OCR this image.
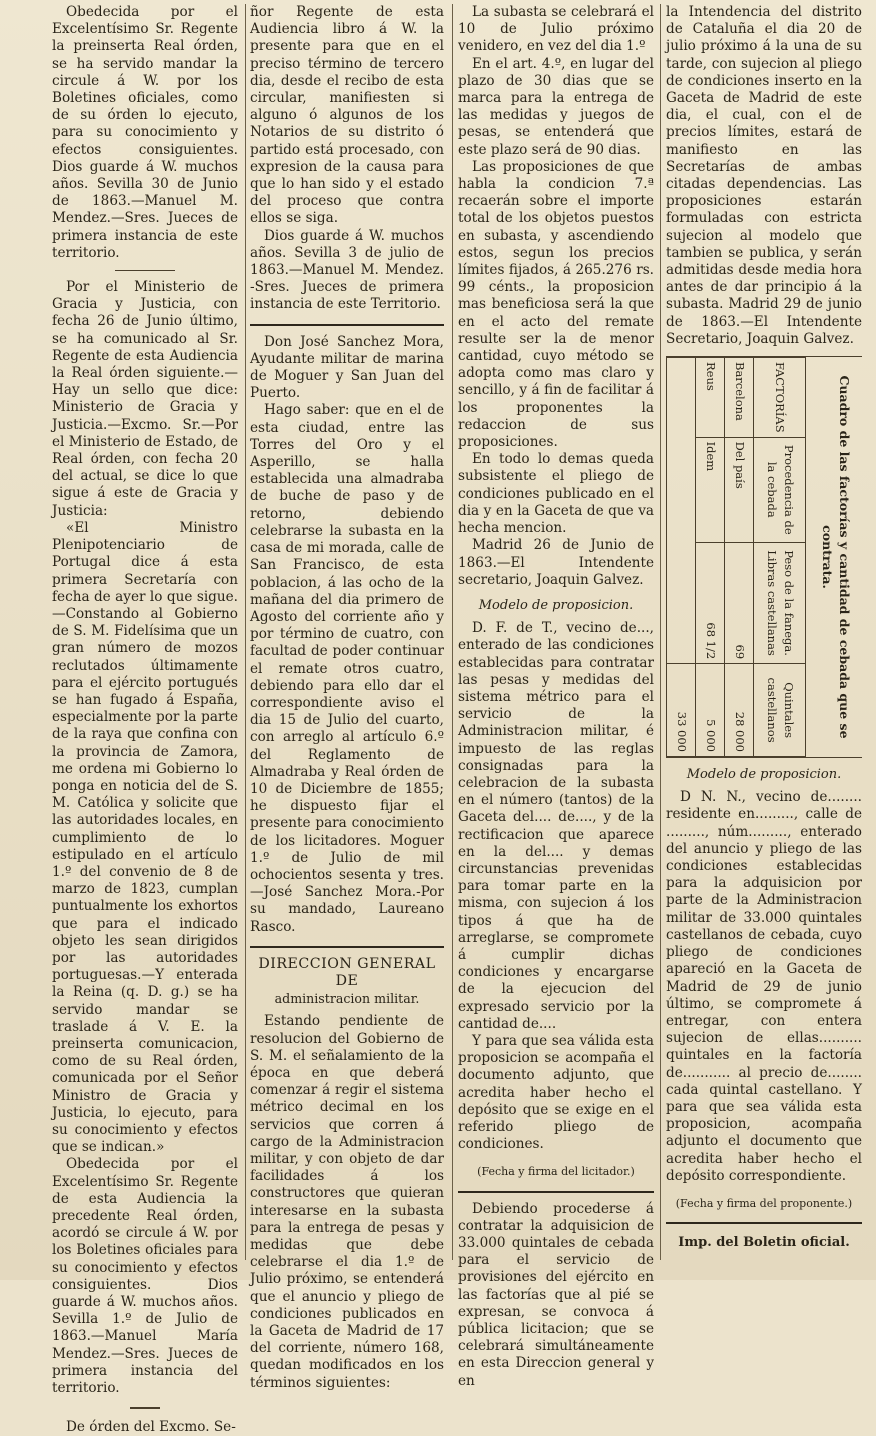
Obedecida por el Excelentísimo Sr. Regente la preinserta Real órden, se ha servido mandar la circule á W. por los Boletines oficiales, como de su órden lo ejecuto, para su conocimiento y efectos consiguientes. Dios guarde á W. muchos años. Sevilla 30 de Junio de 1863.—Manuel M. Mendez.—Sres. Jueces de primera instancia de este territorio.

Por el Ministerio de Gracia y Justicia, con fecha 26 de Junio último, se ha comunicado al Sr. Regente de esta Audiencia la Real órden siguiente.—Hay un sello que dice: Ministerio de Gracia y Justicia.—Excmo. Sr.—Por el Ministerio de Estado, de Real órden, con fecha 20 del actual, se dice lo que sigue á este de Gracia y Justicia:

«El Ministro Plenipotenciario de Portugal dice á esta primera Secretaría con fecha de ayer lo que sigue.—Constando al Gobierno de S. M. Fidelísima que un gran número de mozos reclutados últimamente para el ejército portugués se han fugado á España, especialmente por la parte de la raya que confina con la provincia de Zamora, me ordena mi Gobierno lo ponga en noticia del de S. M. Católica y solicite que las autoridades locales, en cumplimiento de lo estipulado en el artículo 1.º del convenio de 8 de marzo de 1823, cumplan puntualmente los exhortos que para el indicado objeto les sean dirigidos por las autoridades portuguesas.—Y enterada la Reina (q. D. g.) se ha servido mandar se traslade á V. E. la preinserta comunicacion, como de su Real órden, comunicada por el Señor Ministro de Gracia y Justicia, lo ejecuto, para su conocimiento y efectos que se indican.»

Obedecida por el Excelentísimo Sr. Regente de esta Audiencia la precedente Real órden, acordó se circule á W. por los Boletines oficiales para su conocimiento y efectos consiguientes. Dios guarde á W. muchos años. Sevilla 1.º de Julio de 1863.—Manuel María Mendez.—Sres. Jueces de primera instancia del territorio.

De órden del Excmo. Se-

ñor Regente de esta Audiencia libro á W. la presente para que en el preciso término de tercero dia, desde el recibo de esta circular, manifiesten si alguno ó algunos de los Notarios de su distrito ó partido está procesado, con expresion de la causa para que lo han sido y el estado del proceso que contra ellos se siga.

Dios guarde á W. muchos años. Sevilla 3 de julio de 1863.—Manuel M. Mendez. -Sres. Jueces de primera instancia de este Territorio.

Don José Sanchez Mora, Ayudante militar de marina de Moguer y San Juan del Puerto.

Hago saber: que en el de esta ciudad, entre las Torres del Oro y el Asperillo, se halla establecida una almadraba de buche de paso y de retorno, debiendo celebrarse la subasta en la casa de mi morada, calle de San Francisco, de esta poblacion, á las ocho de la mañana del dia primero de Agosto del corriente año y por término de cuatro, con facultad de poder continuar el remate otros cuatro, debiendo para ello dar el correspondiente aviso el dia 15 de Julio del cuarto, con arreglo al artículo 6.º del Reglamento de Almadraba y Real órden de 10 de Diciembre de 1855; he dispuesto fijar el presente para conocimiento de los licitadores. Moguer 1.º de Julio de mil ochocientos sesenta y tres.—José Sanchez Mora.-Por su mandado, Laureano Rasco.

DIRECCION GENERAL DE
administracion militar.

Estando pendiente de resolucion del Gobierno de S. M. el señalamiento de la época en que deberá comenzar á regir el sistema métrico decimal en los servicios que corren á cargo de la Administracion militar, y con objeto de dar facilidades á los constructores que quieran interesarse en la subasta para la entrega de pesas y medidas que debe celebrarse el dia 1.º de Julio próximo, se entenderá que el anuncio y pliego de condiciones publicados en la Gaceta de Madrid de 17 del corriente, número 168, quedan modificados en los términos siguientes:

La subasta se celebrará el 10 de Julio próximo venidero, en vez del dia 1.º

En el art. 4.º, en lugar del plazo de 30 dias que se marca para la entrega de las medidas y juegos de pesas, se entenderá que este plazo será de 90 dias.

Las proposiciones de que habla la condicion 7.ª recaerán sobre el importe total de los objetos puestos en subasta, y ascendiendo estos, segun los precios límites fijados, á 265.276 rs. 99 cénts., la proposicion mas beneficiosa será la que en el acto del remate resulte ser la de menor cantidad, cuyo método se adopta como mas claro y sencillo, y á fin de facilitar á los proponentes la redaccion de sus proposiciones.

En todo lo demas queda subsistente el pliego de condiciones publicado en el dia y en la Gaceta de que va hecha mencion.

Madrid 26 de Junio de 1863.—El Intendente secretario, Joaquin Galvez.

Modelo de proposicion.

D. F. de T., vecino de..., enterado de las condiciones establecidas para contratar las pesas y medidas del sistema métrico para el servicio de la Administracion militar, é impuesto de las reglas consignadas para la celebracion de la subasta en el número (tantos) de la Gaceta del.... de...., y de la rectificacion que aparece en la del.... y demas circunstancias prevenidas para tomar parte en la misma, con sujecion á los tipos á que ha de arreglarse, se compromete á cumplir dichas condiciones y encargarse de la ejecucion del expresado servicio por la cantidad de....

Y para que sea válida esta proposicion se acompaña el documento adjunto, que acredita haber hecho el depósito que se exige en el referido pliego de condiciones.

(Fecha y firma del licitador.)

Debiendo procederse á contratar la adquisicion de 33.000 quintales de cebada para el servicio de provisiones del ejército en las factorías que al pié se expresan, se convoca á pública licitacion; que se celebrará simultáneamente en esta Direccion general y en

la Intendencia del distrito de Cataluña el dia 20 de julio próximo á la una de su tarde, con sujecion al pliego de condiciones inserto en la Gaceta de Madrid de este dia, el cual, con el de precios límites, estará de manifiesto en las Secretarías de ambas citadas dependencias. Las proposiciones estarán formuladas con estricta sujecion al modelo que tambien se publica, y serán admitidas desde media hora antes de dar principio á la subasta. Madrid 29 de junio de 1863.—El Intendente Secretario, Joaquin Galvez.

Cuadro de las factorías y cantidad de cebada que se contrata.			
FACTORÍAS	Procedencia de la cebada	Peso de la fanega. Libras castellanas	Quintales castellanos
Barcelona	Del país	69	28 000
Reus	Idem	68 1/2	5 000
			33 000
Modelo de proposicion.

D N. N., vecino de........ residente en........., calle de ........., núm........., enterado del anuncio y pliego de las condiciones establecidas para la adquisicion por parte de la Administracion militar de 33.000 quintales castellanos de cebada, cuyo pliego de condiciones apareció en la Gaceta de Madrid de 29 de junio último, se compromete á entregar, con entera sujecion de ellas.......... quintales en la factoría de........... al precio de........ cada quintal castellano. Y para que sea válida esta proposicion, acompaña adjunto el documento que acredita haber hecho el depósito correspondiente.

(Fecha y firma del proponente.)
Imp. del Boletin oficial.
